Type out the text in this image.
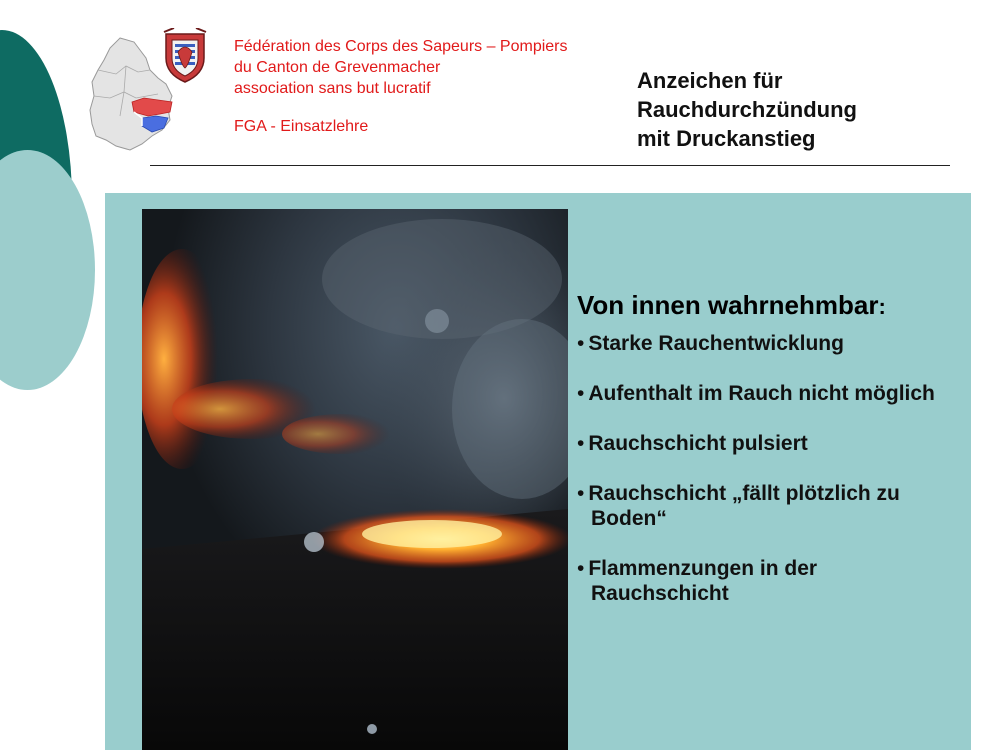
Fédération des Corps des Sapeurs – Pompiers
du Canton de Grevenmacher
association sans but lucratif
FGA - Einsatzlehre
Anzeichen für
Rauchdurchzündung
mit Druckanstieg
Von innen wahrnehmbar:
• Starke Rauchentwicklung
• Aufenthalt im Rauch nicht möglich
• Rauchschicht pulsiert
• Rauchschicht „fällt plötzlich zu
Boden“
• Flammenzungen in der
Rauchschicht
